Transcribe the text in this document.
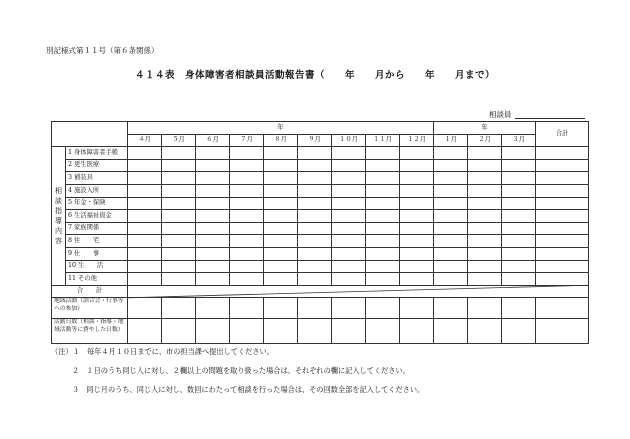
別記様式第１１号（第６条関係）
４１４表　身体障害者相談員活動報告書（　　年　　月から　　年　　月まで）
相談員
		年									年			合計
		４月	５月	６月	７月	８月	９月	１０月	１１月	１２月	１月	２月	３月	

相談指導内容	1 身体障害者手帳													
	2 更生医療													
	3 補装具													
	4 施設入所													
	5 年金・保険													
	6 生活福祉資金													
	7 家族関係													
	8 住　　宅													
	9 仕　　事													
	10 生　　活													
	11 その他													
合　　計														
地域活動（訓合会・行事等への参加）														
活動日数（相談・指導・地域活動等に費やした日数）														
（注）１　毎年４月１０日までに、市の担当課へ提出してください。
２　１日のうち同じ人に対し、２欄以上の問題を取り扱った場合は、それぞれの欄に記入してください。
３　同じ月のうち、同じ人に対し、数回にわたって相談を行った場合は、その回数全部を記入してください。
